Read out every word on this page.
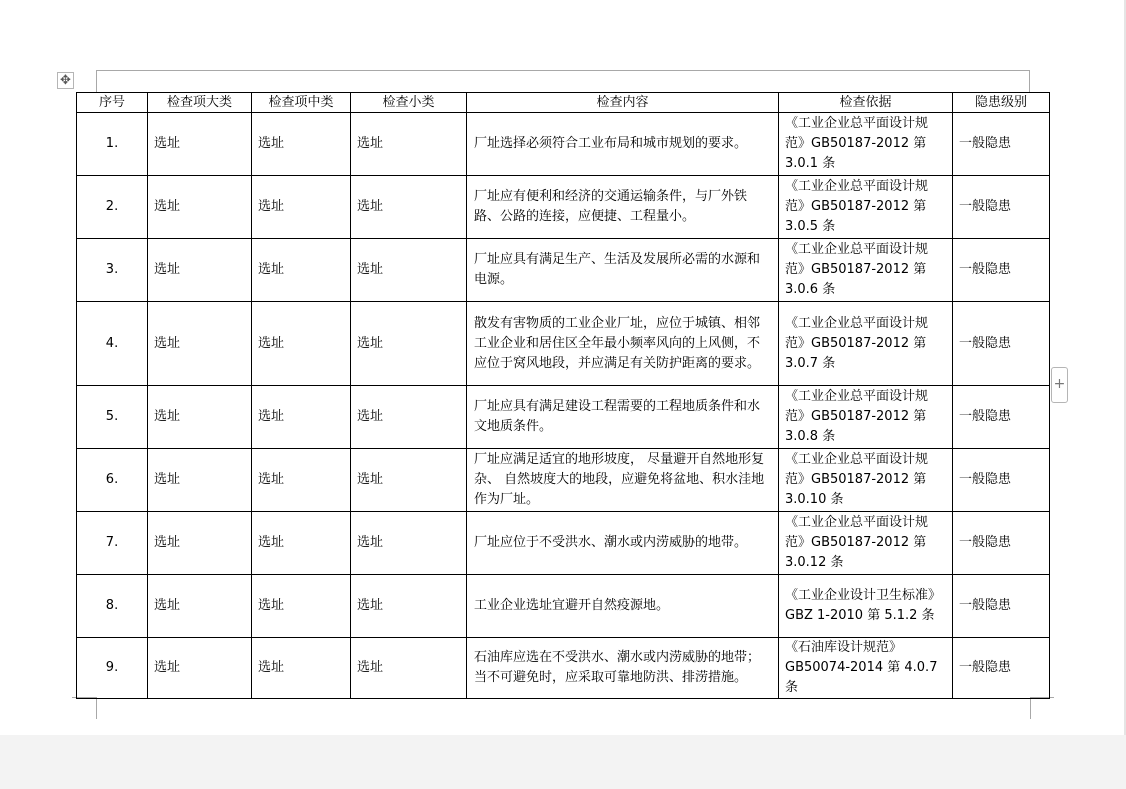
✥
+
序号	检查项大类	检查项中类	检查小类	检查内容	检查依据	隐患级别
1.	选址	选址	选址	厂址选择必须符合工业布局和城市规划的要求。	《工业企业总平面设计规范》GB50187-2012 第 3.0.1 条	一般隐患
2.	选址	选址	选址	厂址应有便利和经济的交通运输条件，与厂外铁路、公路的连接，应便捷、工程量小。	《工业企业总平面设计规范》GB50187-2012 第 3.0.5 条	一般隐患
3.	选址	选址	选址	厂址应具有满足生产、生活及发展所必需的水源和电源。	《工业企业总平面设计规范》GB50187-2012 第 3.0.6 条	一般隐患
4.	选址	选址	选址	散发有害物质的工业企业厂址，应位于城镇、相邻工业企业和居住区全年最小频率风向的上风侧，不应位于窝风地段，并应满足有关防护距离的要求。	《工业企业总平面设计规范》GB50187-2012 第 3.0.7 条	一般隐患
5.	选址	选址	选址	厂址应具有满足建设工程需要的工程地质条件和水文地质条件。	《工业企业总平面设计规范》GB50187-2012 第 3.0.8 条	一般隐患
6.	选址	选址	选址	厂址应满足适宜的地形坡度， 尽量避开自然地形复杂、 自然坡度大的地段，应避免将盆地、积水洼地作为厂址。	《工业企业总平面设计规范》GB50187-2012 第 3.0.10 条	一般隐患
7.	选址	选址	选址	厂址应位于不受洪水、潮水或内涝威胁的地带。	《工业企业总平面设计规范》GB50187-2012 第 3.0.12 条	一般隐患
8.	选址	选址	选址	工业企业选址宜避开自然疫源地。	《工业企业设计卫生标准》 GBZ 1-2010 第 5.1.2 条	一般隐患
9.	选址	选址	选址	石油库应选在不受洪水、潮水或内涝威胁的地带；当不可避免时，应采取可靠地防洪、排涝措施。	《石油库设计规范》 GB50074-2014 第 4.0.7 条	一般隐患
